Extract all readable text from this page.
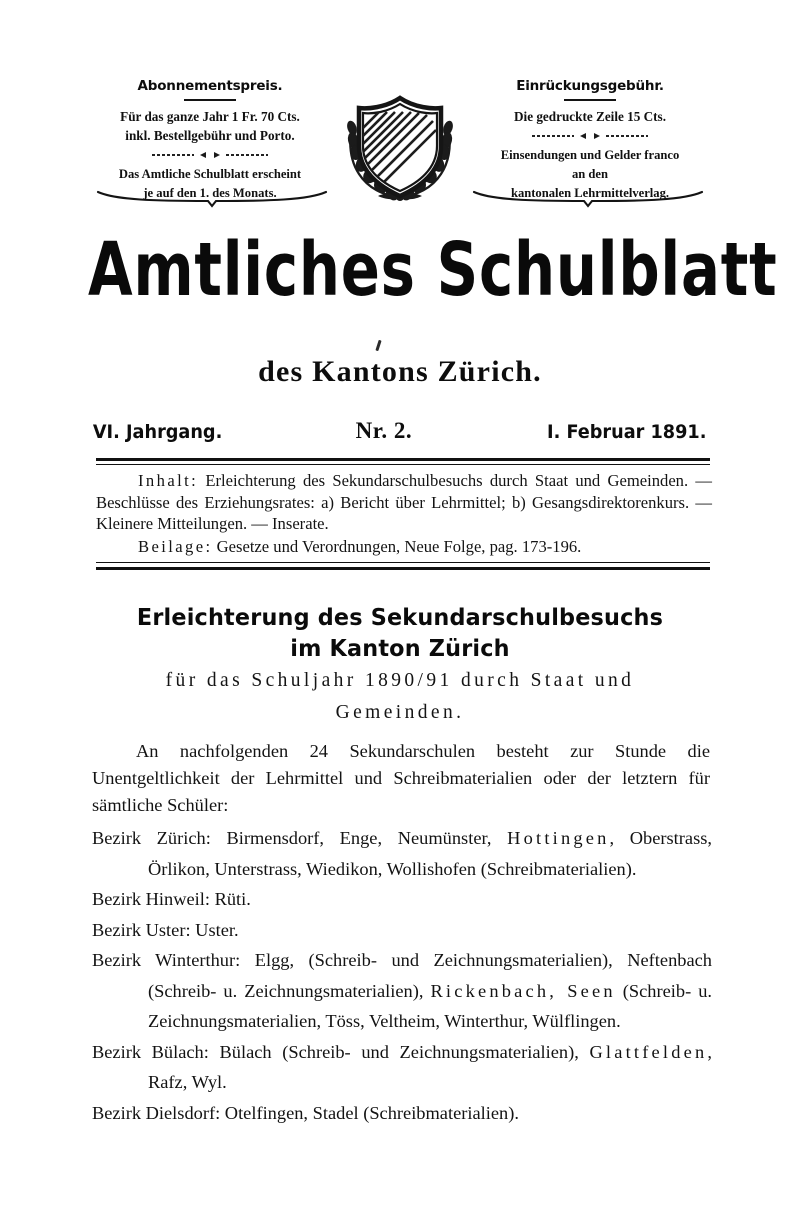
Abonnementspreis.
Für das ganze Jahr 1 Fr. 70 Cts.
inkl. Bestellgebühr und Porto.
Das Amtliche Schulblatt erscheint
je auf den 1. des Monats.
Einrückungsgebühr.
Die gedruckte Zeile 15 Cts.
Einsendungen und Gelder franco
an den
kantonalen Lehrmittelverlag.
Amtliches Schulblatt
des Kantons Zürich.
VI. Jahrgang.	Nr. 2.	I. Februar 1891.

Inhalt: Erleichterung des Sekundarschulbesuchs durch Staat und Gemeinden. — Beschlüsse des Erziehungsrates: a) Bericht über Lehrmittel; b) Gesangsdirektorenkurs. — Kleinere Mitteilungen. — Inserate.

Beilage: Gesetze und Verordnungen, Neue Folge, pag. 173-196.

Erleichterung des Sekundarschulbesuchs
im Kanton Zürich
für das Schuljahr 1890/91 durch Staat und
Gemeinden.
An nachfolgenden 24 Sekundarschulen besteht zur Stunde die Unentgeltlichkeit der Lehrmittel und Schreibmaterialien oder der letztern für sämtliche Schüler:

Bezirk Zürich: Birmensdorf, Enge, Neumünster, Hottingen, Oberstrass, Örlikon, Unterstrass, Wiedikon, Wollishofen (Schreibmaterialien).

Bezirk Hinweil: Rüti.

Bezirk Uster: Uster.

Bezirk Winterthur: Elgg, (Schreib- und Zeichnungsmaterialien), Neftenbach (Schreib- u. Zeichnungsmaterialien), Rickenbach, Seen (Schreib- u. Zeichnungsmaterialien, Töss, Veltheim, Winterthur, Wülflingen.

Bezirk Bülach: Bülach (Schreib- und Zeichnungsmaterialien), Glattfelden, Rafz, Wyl.

Bezirk Dielsdorf: Otelfingen, Stadel (Schreibmaterialien).
